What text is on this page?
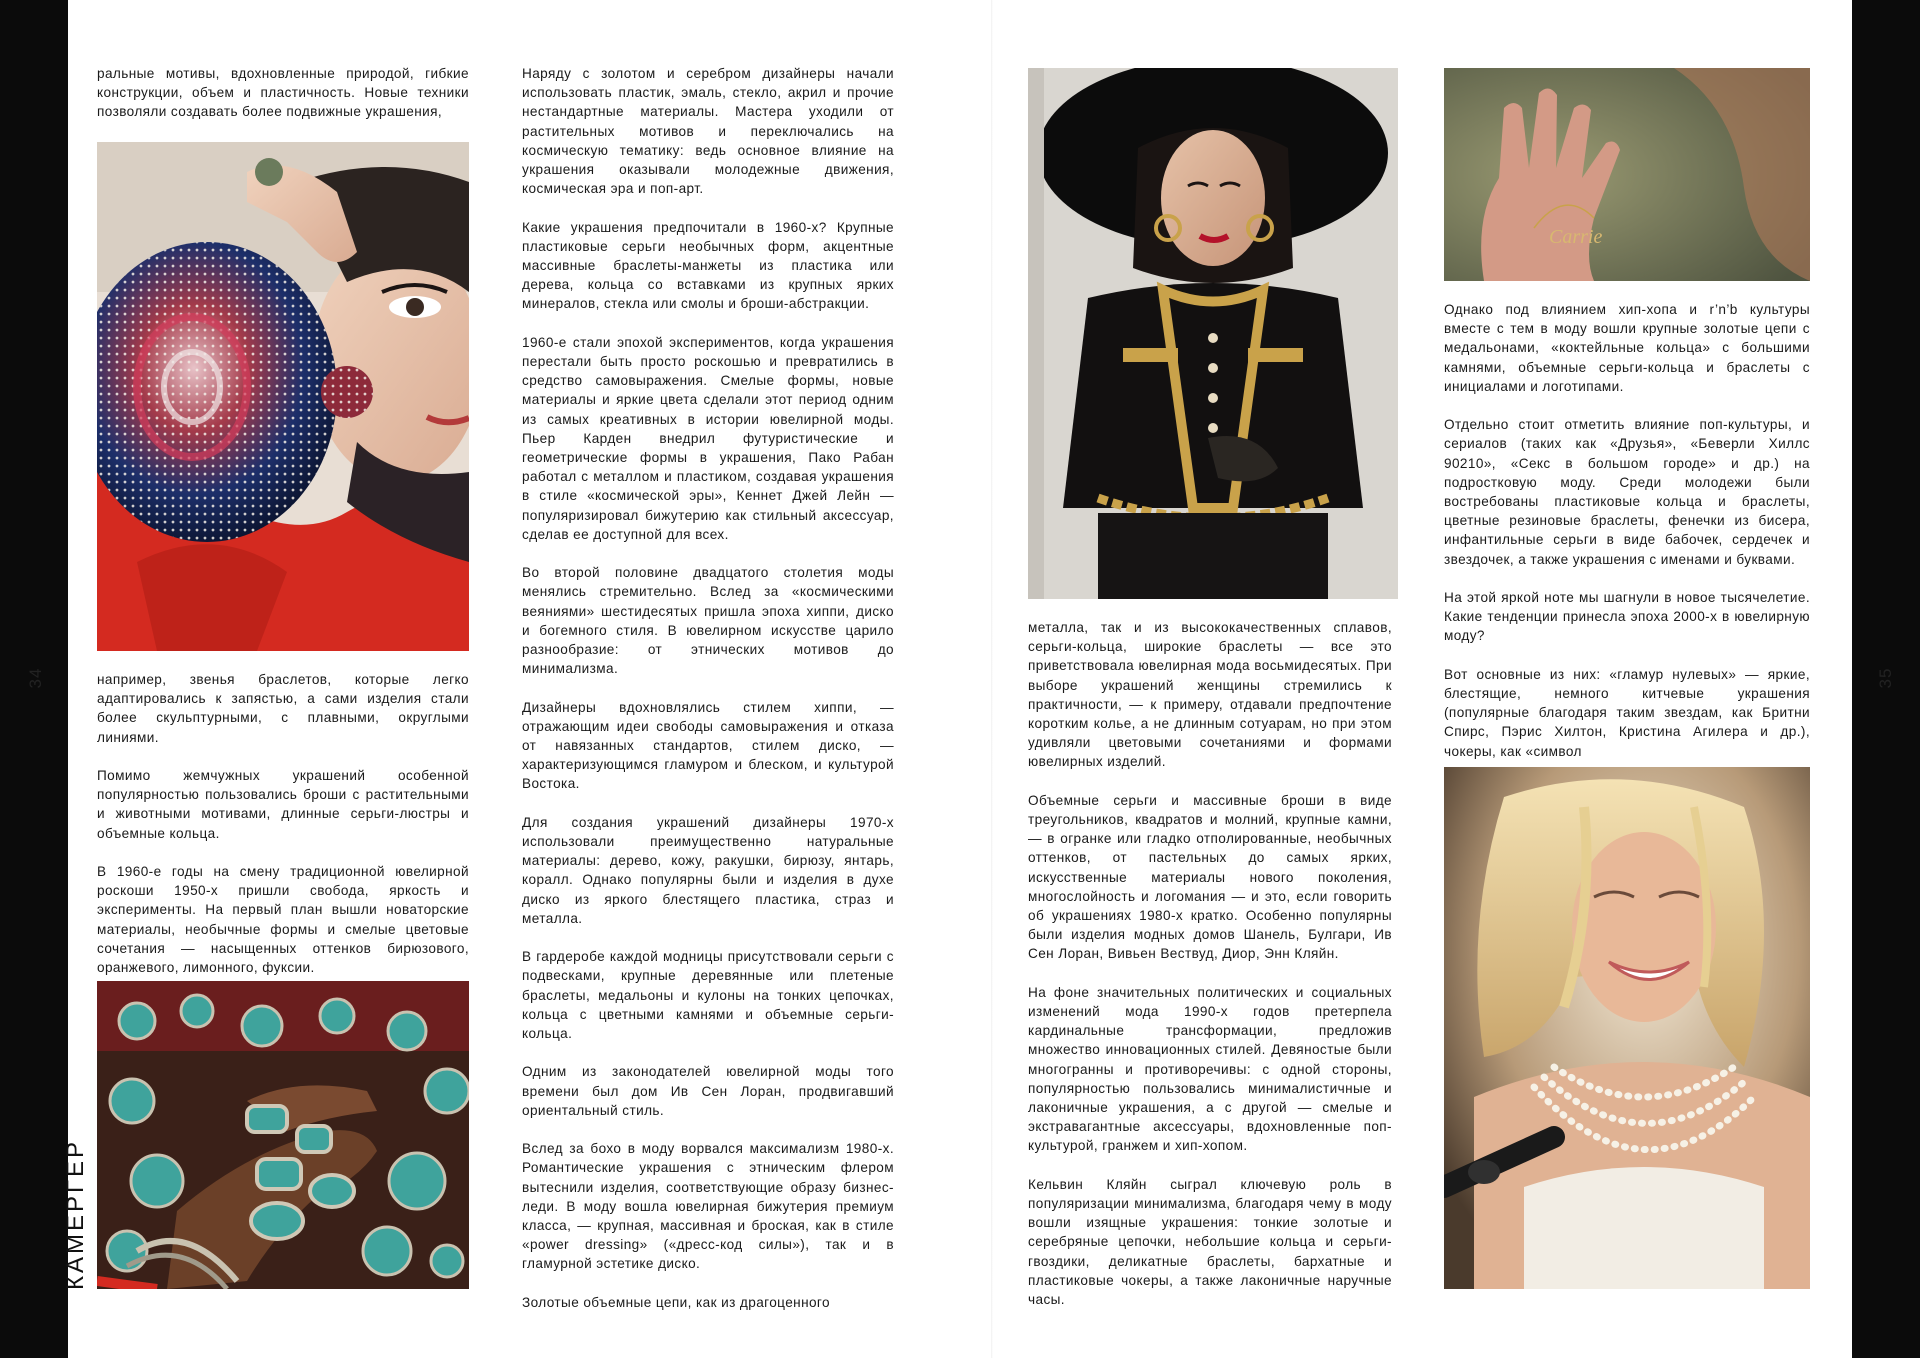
34	35
КАМЕРГЕР

ральные мотивы, вдохновленные природой, гибкие конструкции, объем и пластичность. Новые техники позволяли создавать более подвижные украшения,

например, звенья браслетов, которые легко адаптировались к запястью, а сами изделия стали более скульптурными, с плавными, округлыми линиями.

Помимо жемчужных украшений особенной популярностью пользовались броши с растительными и животными мотивами, длинные серьги-люстры и объемные кольца.

В 1960-е годы на смену традиционной ювелирной роскоши 1950-х пришли свобода, яркость и эксперименты. На первый план вышли новаторские материалы, необычные формы и смелые цветовые сочетания — насыщенных оттенков бирюзового, оранжевого, лимонного, фуксии.

Наряду с золотом и серебром дизайнеры начали использовать пластик, эмаль, стекло, акрил и прочие нестандартные материалы. Мастера уходили от растительных мотивов и переключались на космическую тематику: ведь основное влияние на украшения оказывали молодежные движения, космическая эра и поп-арт.

Какие украшения предпочитали в 1960-х? Крупные пластиковые серьги необычных форм, акцентные массивные браслеты-манжеты из пластика или дерева, кольца со вставками из крупных ярких минералов, стекла или смолы и броши-абстракции.

1960-е стали эпохой экспериментов, когда украшения перестали быть просто роскошью и превратились в средство самовыражения. Смелые формы, новые материалы и яркие цвета сделали этот период одним из самых креативных в истории ювелирной моды. Пьер Карден внедрил футуристические и геометрические формы в украшения, Пако Рабан работал с металлом и пластиком, создавая украшения в стиле «космической эры», Кеннет Джей Лейн — популяризировал бижутерию как стильный аксессуар, сделав ее доступной для всех.

Во второй половине двадцатого столетия моды менялись стремительно. Вслед за «космическими веяниями» шестидесятых пришла эпоха хиппи, диско и богемного стиля. В ювелирном искусстве царило разнообразие: от этнических мотивов до минимализма.

Дизайнеры вдохновлялись стилем хиппи, — отражающим идеи свободы самовыражения и отказа от навязанных стандартов, стилем диско, — характеризующимся гламуром и блеском, и культурой Востока.

Для создания украшений дизайнеры 1970-х использовали преимущественно натуральные материалы: дерево, кожу, ракушки, бирюзу, янтарь, коралл. Однако популярны были и изделия в духе диско из яркого блестящего пластика, страз и металла.

В гардеробе каждой модницы присутствовали серьги с подвесками, крупные деревянные или плетеные браслеты, медальоны и кулоны на тонких цепочках, кольца с цветными камнями и объемные серьги-кольца.

Одним из законодателей ювелирной моды того времени был дом Ив Сен Лоран, продвигавший ориентальный стиль.

Вслед за бохо в моду ворвался максимализм 1980-х. Романтические украшения с этническим флером вытеснили изделия, соответствующие образу бизнес-леди. В моду вошла ювелирная бижутерия премиум класса, — крупная, массивная и броская, как в стиле «power dressing» («дресс-код силы»), так и в гламурной эстетике диско.

Золотые объемные цепи, как из драгоценного

металла, так и из высококачественных сплавов, серьги-кольца, широкие браслеты — все это приветствовала ювелирная мода восьмидесятых. При выборе украшений женщины стремились к практичности, — к примеру, отдавали предпочтение коротким колье, а не длинным сотуарам, но при этом удивляли цветовыми сочетаниями и формами ювелирных изделий.

Объемные серьги и массивные броши в виде треугольников, квадратов и молний, крупные камни, — в огранке или гладко отполированные, необычных оттенков, от пастельных до самых ярких, искусственные материалы нового поколения, многослойность и логомания — и это, если говорить об украшениях 1980-х кратко. Особенно популярны были изделия модных домов Шанель, Булгари, Ив Сен Лоран, Вивьен Вествуд, Диор, Энн Кляйн.

На фоне значительных политических и социальных изменений мода 1990-х годов претерпела кардинальные трансформации, предложив множество инновационных стилей. Девяностые были многогранны и противоречивы: с одной стороны, популярностью пользовались минималистичные и лаконичные украшения, а с другой — смелые и экстравагантные аксессуары, вдохновленные поп-культурой, гранжем и хип-хопом.

Кельвин Кляйн сыграл ключевую роль в популяризации минимализма, благодаря чему в моду вошли изящные украшения: тонкие золотые и серебряные цепочки, небольшие кольца и серьги-гвоздики, деликатные браслеты, бархатные и пластиковые чокеры, а также лаконичные наручные часы.

Carrie

Однако под влиянием хип-хопа и r’n’b культуры вместе с тем в моду вошли крупные золотые цепи с медальонами, «коктейльные кольца» с большими камнями, объемные серьги-кольца и браслеты с инициалами и логотипами.

Отдельно стоит отметить влияние поп-культуры, и сериалов (таких как «Друзья», «Беверли Хиллс 90210», «Секс в большом городе» и др.) на подростковую моду. Среди молодежи были востребованы пластиковые кольца и браслеты, цветные резиновые браслеты, фенечки из бисера, инфантильные серьги в виде бабочек, сердечек и звездочек, а также украшения с именами и буквами.

На этой яркой ноте мы шагнули в новое тысячелетие. Какие тенденции принесла эпоха 2000-х в ювелирную моду?

Вот основные из них: «гламур нулевых» — яркие, блестящие, немного китчевые украшения (популярные благодаря таким звездам, как Бритни Спирс, Пэрис Хилтон, Кристина Агилера и др.), чокеры, как «символ
